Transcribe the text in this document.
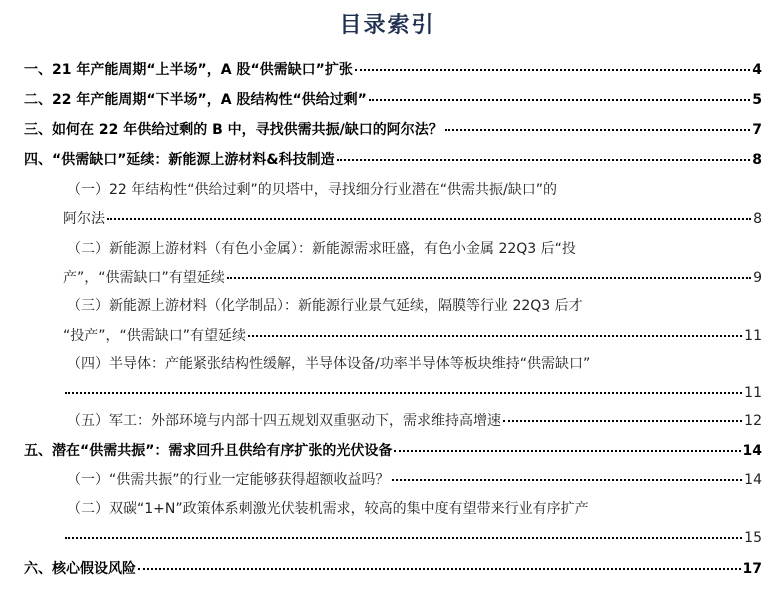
目录索引
一、21 年产能周期“上半场”，A 股“供需缺口”扩张	4
二、22 年产能周期“下半场”，A 股结构性“供给过剩”	5
三、如何在 22 年供给过剩的 B 中，寻找供需共振/缺口的阿尔法？	7
四、“供需缺口”延续：新能源上游材料&科技制造	8
（一）22 年结构性“供给过剩”的贝塔中，寻找细分行业潜在“供需共振/缺口”的
阿尔法	8
（二）新能源上游材料（有色小金属）：新能源需求旺盛，有色小金属 22Q3 后“投
产”，“供需缺口”有望延续	9
（三）新能源上游材料（化学制品）：新能源行业景气延续，隔膜等行业 22Q3 后才
“投产”，“供需缺口”有望延续	11
（四）半导体：产能紧张结构性缓解，半导体设备/功率半导体等板块维持“供需缺口”
11
（五）军工：外部环境与内部十四五规划双重驱动下，需求维持高增速	12
五、潜在“供需共振”：需求回升且供给有序扩张的光伏设备	14
（一）“供需共振”的行业一定能够获得超额收益吗？	14
（二）双碳“1+N”政策体系刺激光伏装机需求，较高的集中度有望带来行业有序扩产
15
六、核心假设风险	17
